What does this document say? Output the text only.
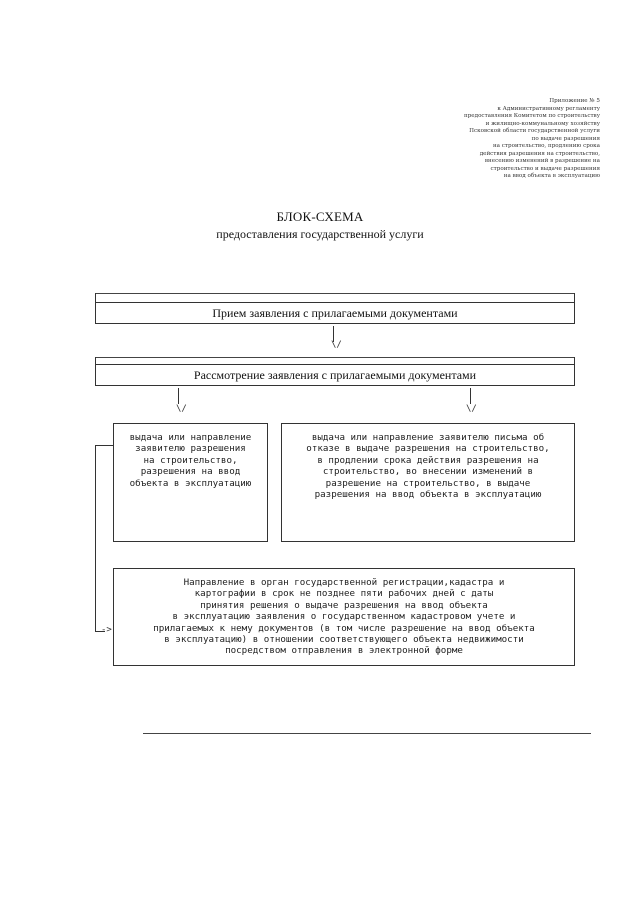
Приложение № 5
к Административному регламенту
предоставления Комитетом по строительству
и жилищно-коммунальному хозяйству
Псковской области государственной услуги
по выдаче разрешения
на строительство, продлению срока
действия разрешения на строительство,
внесению изменений в разрешение на
строительство и выдаче разрешения
на ввод объекта в эксплуатацию
БЛОК-СХЕМА
предоставления государственной услуги
Прием заявления с прилагаемыми документами
\/
Рассмотрение заявления с прилагаемыми документами
\/	\/
выдача или направление
заявителю разрешения
на строительство,
разрешения на ввод
объекта в эксплуатацию
выдача или направление заявителю письма об
отказе в выдаче разрешения на строительство,
в продлении срока действия разрешения на
строительство, во внесении изменений в
разрешение на строительство, в выдаче
разрешения на ввод объекта в эксплуатацию
->
Направление в орган государственной регистрации,кадастра и
картографии в срок не позднее пяти рабочих дней с даты
принятия решения о выдаче разрешения на ввод объекта
в эксплуатацию заявления о государственном кадастровом учете и
прилагаемых к нему документов (в том числе разрешение на ввод объекта
в эксплуатацию) в отношении соответствующего объекта недвижимости
посредством отправления в электронной форме
